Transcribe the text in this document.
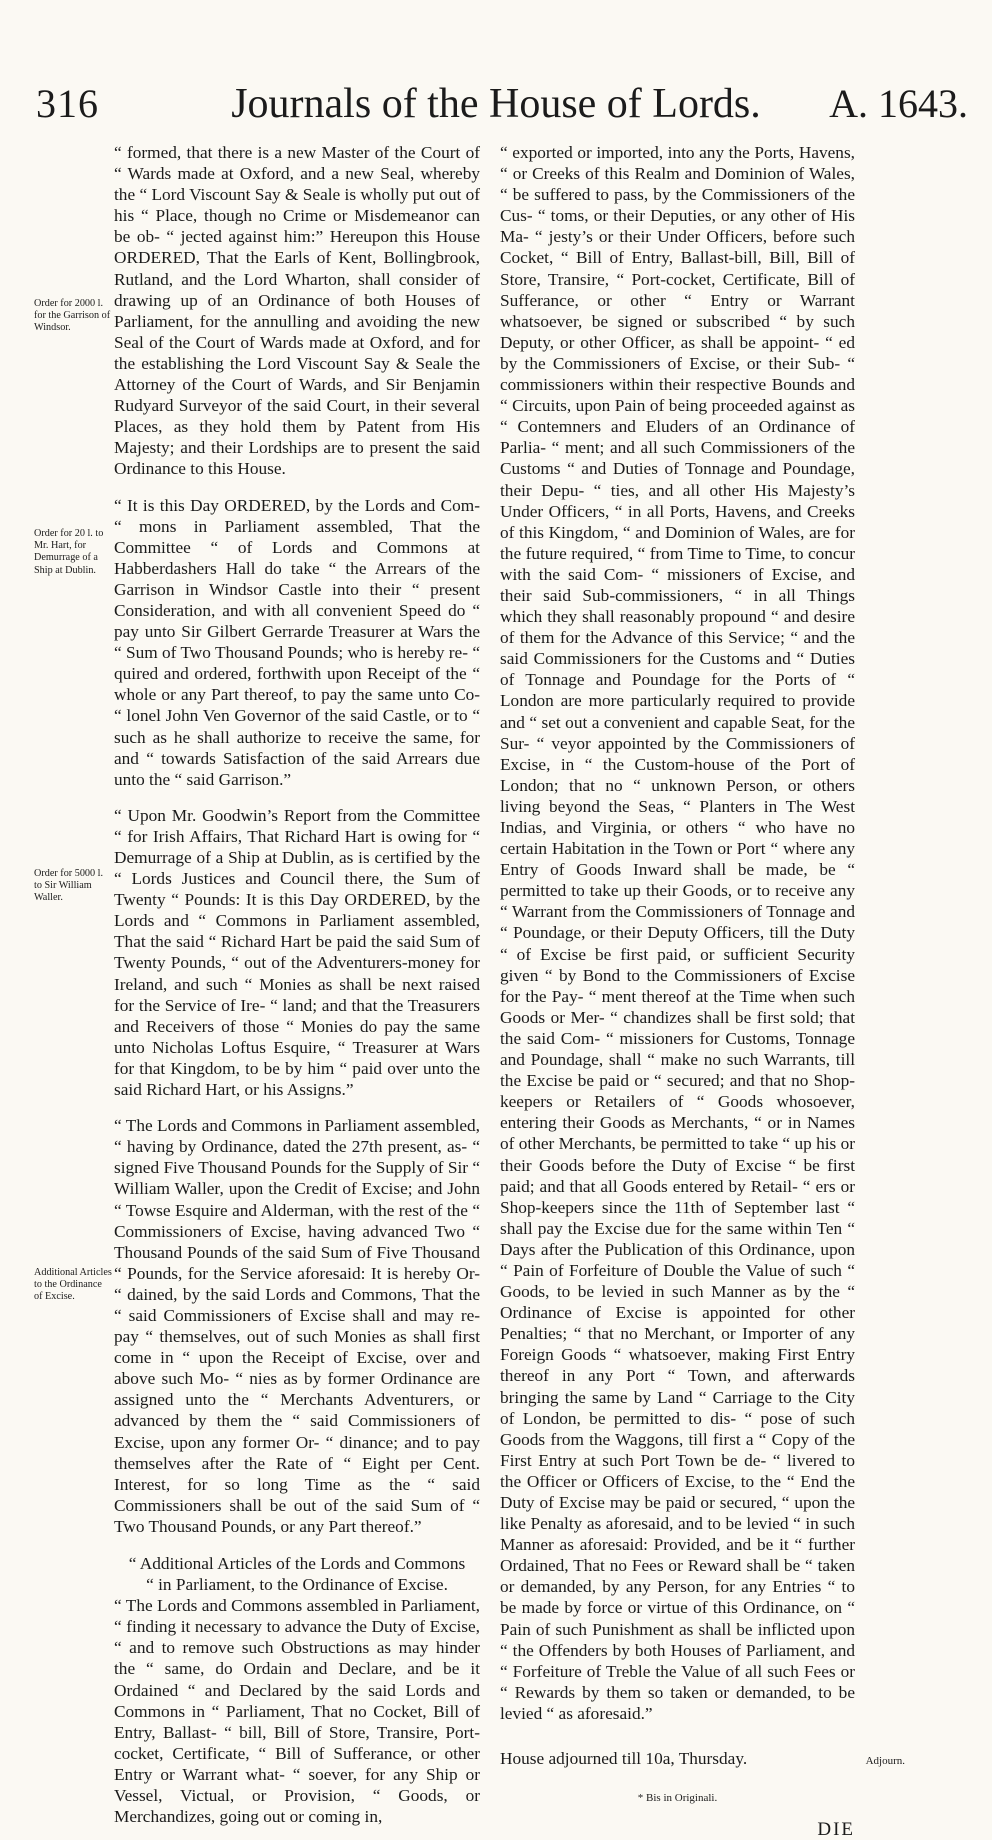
316	Journals of the House of Lords.	A. 1643.
Order for 2000 l. for the Garrison of Windsor.
Order for 20 l. to Mr. Hart, for Demurrage of a Ship at Dublin.
Order for 5000 l. to Sir William Waller.
Additional Articles to the Ordinance of Excise.

“ formed, that there is a new Master of the Court of “ Wards made at Oxford, and a new Seal, whereby the “ Lord Viscount Say & Seale is wholly put out of his “ Place, though no Crime or Misdemeanor can be ob- “ jected against him:” Hereupon this House ORDERED, That the Earls of Kent, Bollingbrook, Rutland, and the Lord Wharton, shall consider of drawing up of an Ordinance of both Houses of Parliament, for the annulling and avoiding the new Seal of the Court of Wards made at Oxford, and for the establishing the Lord Viscount Say & Seale the Attorney of the Court of Wards, and Sir Benjamin Rudyard Surveyor of the said Court, in their several Places, as they hold them by Patent from His Majesty; and their Lordships are to present the said Ordinance to this House.

“ It is this Day ORDERED, by the Lords and Com- “ mons in Parliament assembled, That the Committee “ of Lords and Commons at Habberdashers Hall do take “ the Arrears of the Garrison in Windsor Castle into their “ present Consideration, and with all convenient Speed do “ pay unto Sir Gilbert Gerrarde Treasurer at Wars the “ Sum of Two Thousand Pounds; who is hereby re- “ quired and ordered, forthwith upon Receipt of the “ whole or any Part thereof, to pay the same unto Co- “ lonel John Ven Governor of the said Castle, or to “ such as he shall authorize to receive the same, for and “ towards Satisfaction of the said Arrears due unto the “ said Garrison.”

“ Upon Mr. Goodwin’s Report from the Committee “ for Irish Affairs, That Richard Hart is owing for “ Demurrage of a Ship at Dublin, as is certified by the “ Lords Justices and Council there, the Sum of Twenty “ Pounds: It is this Day ORDERED, by the Lords and “ Commons in Parliament assembled, That the said “ Richard Hart be paid the said Sum of Twenty Pounds, “ out of the Adventurers-money for Ireland, and such “ Monies as shall be next raised for the Service of Ire- “ land; and that the Treasurers and Receivers of those “ Monies do pay the same unto Nicholas Loftus Esquire, “ Treasurer at Wars for that Kingdom, to be by him “ paid over unto the said Richard Hart, or his Assigns.”

“ The Lords and Commons in Parliament assembled, “ having by Ordinance, dated the 27th present, as- “ signed Five Thousand Pounds for the Supply of Sir “ William Waller, upon the Credit of Excise; and John “ Towse Esquire and Alderman, with the rest of the “ Commissioners of Excise, having advanced Two “ Thousand Pounds of the said Sum of Five Thousand “ Pounds, for the Service aforesaid: It is hereby Or- “ dained, by the said Lords and Commons, That the “ said Commissioners of Excise shall and may re-pay “ themselves, out of such Monies as shall first come in “ upon the Receipt of Excise, over and above such Mo- “ nies as by former Ordinance are assigned unto the “ Merchants Adventurers, or advanced by them the “ said Commissioners of Excise, upon any former Or- “ dinance; and to pay themselves after the Rate of “ Eight per Cent. Interest, for so long Time as the “ said Commissioners shall be out of the said Sum of “ Two Thousand Pounds, or any Part thereof.”

“ Additional Articles of the Lords and Commons “ in Parliament, to the Ordinance of Excise.

“ The Lords and Commons assembled in Parliament, “ finding it necessary to advance the Duty of Excise, “ and to remove such Obstructions as may hinder the “ same, do Ordain and Declare, and be it Ordained “ and Declared by the said Lords and Commons in “ Parliament, That no Cocket, Bill of Entry, Ballast- “ bill, Bill of Store, Transire, Port-cocket, Certificate, “ Bill of Sufferance, or other Entry or Warrant what- “ soever, for any Ship or Vessel, Victual, or Provision, “ Goods, or Merchandizes, going out or coming in,

“ exported or imported, into any the Ports, Havens, “ or Creeks of this Realm and Dominion of Wales, “ be suffered to pass, by the Commissioners of the Cus- “ toms, or their Deputies, or any other of His Ma- “ jesty’s or their Under Officers, before such Cocket, “ Bill of Entry, Ballast-bill, Bill, Bill of Store, Transire, “ Port-cocket, Certificate, Bill of Sufferance, or other “ Entry or Warrant whatsoever, be signed or subscribed “ by such Deputy, or other Officer, as shall be appoint- “ ed by the Commissioners of Excise, or their Sub- “ commissioners within their respective Bounds and “ Circuits, upon Pain of being proceeded against as “ Contemners and Eluders of an Ordinance of Parlia- “ ment; and all such Commissioners of the Customs “ and Duties of Tonnage and Poundage, their Depu- “ ties, and all other His Majesty’s Under Officers, “ in all Ports, Havens, and Creeks of this Kingdom, “ and Dominion of Wales, are for the future required, “ from Time to Time, to concur with the said Com- “ missioners of Excise, and their said Sub-commissioners, “ in all Things which they shall reasonably propound “ and desire of them for the Advance of this Service; “ and the said Commissioners for the Customs and “ Duties of Tonnage and Poundage for the Ports of “ London are more particularly required to provide and “ set out a convenient and capable Seat, for the Sur- “ veyor appointed by the Commissioners of Excise, in “ the Custom-house of the Port of London; that no “ unknown Person, or others living beyond the Seas, “ Planters in The West Indias, and Virginia, or others “ who have no certain Habitation in the Town or Port “ where any Entry of Goods Inward shall be made, be “ permitted to take up their Goods, or to receive any “ Warrant from the Commissioners of Tonnage and “ Poundage, or their Deputy Officers, till the Duty “ of Excise be first paid, or sufficient Security given “ by Bond to the Commissioners of Excise for the Pay- “ ment thereof at the Time when such Goods or Mer- “ chandizes shall be first sold; that the said Com- “ missioners for Customs, Tonnage and Poundage, shall “ make no such Warrants, till the Excise be paid or “ secured; and that no Shop-keepers or Retailers of “ Goods whosoever, entering their Goods as Merchants, “ or in Names of other Merchants, be permitted to take “ up his or their Goods before the Duty of Excise “ be first paid; and that all Goods entered by Retail- “ ers or Shop-keepers since the 11th of September last “ shall pay the Excise due for the same within Ten “ Days after the Publication of this Ordinance, upon “ Pain of Forfeiture of Double the Value of such “ Goods, to be levied in such Manner as by the “ Ordinance of Excise is appointed for other Penalties; “ that no Merchant, or Importer of any Foreign Goods “ whatsoever, making First Entry thereof in any Port “ Town, and afterwards bringing the same by Land “ Carriage to the City of London, be permitted to dis- “ pose of such Goods from the Waggons, till first a “ Copy of the First Entry at such Port Town be de- “ livered to the Officer or Officers of Excise, to the “ End the Duty of Excise may be paid or secured, “ upon the like Penalty as aforesaid, and to be levied “ in such Manner as aforesaid: Provided, and be it “ further Ordained, That no Fees or Reward shall be “ taken or demanded, by any Person, for any Entries “ to be made by force or virtue of this Ordinance, on “ Pain of such Punishment as shall be inflicted upon “ the Offenders by both Houses of Parliament, and “ Forfeiture of Treble the Value of all such Fees or “ Rewards by them so taken or demanded, to be levied “ as aforesaid.”

House adjourned till 10a, Thursday.	Adjourn.
* Bis in Originali.
DIE
